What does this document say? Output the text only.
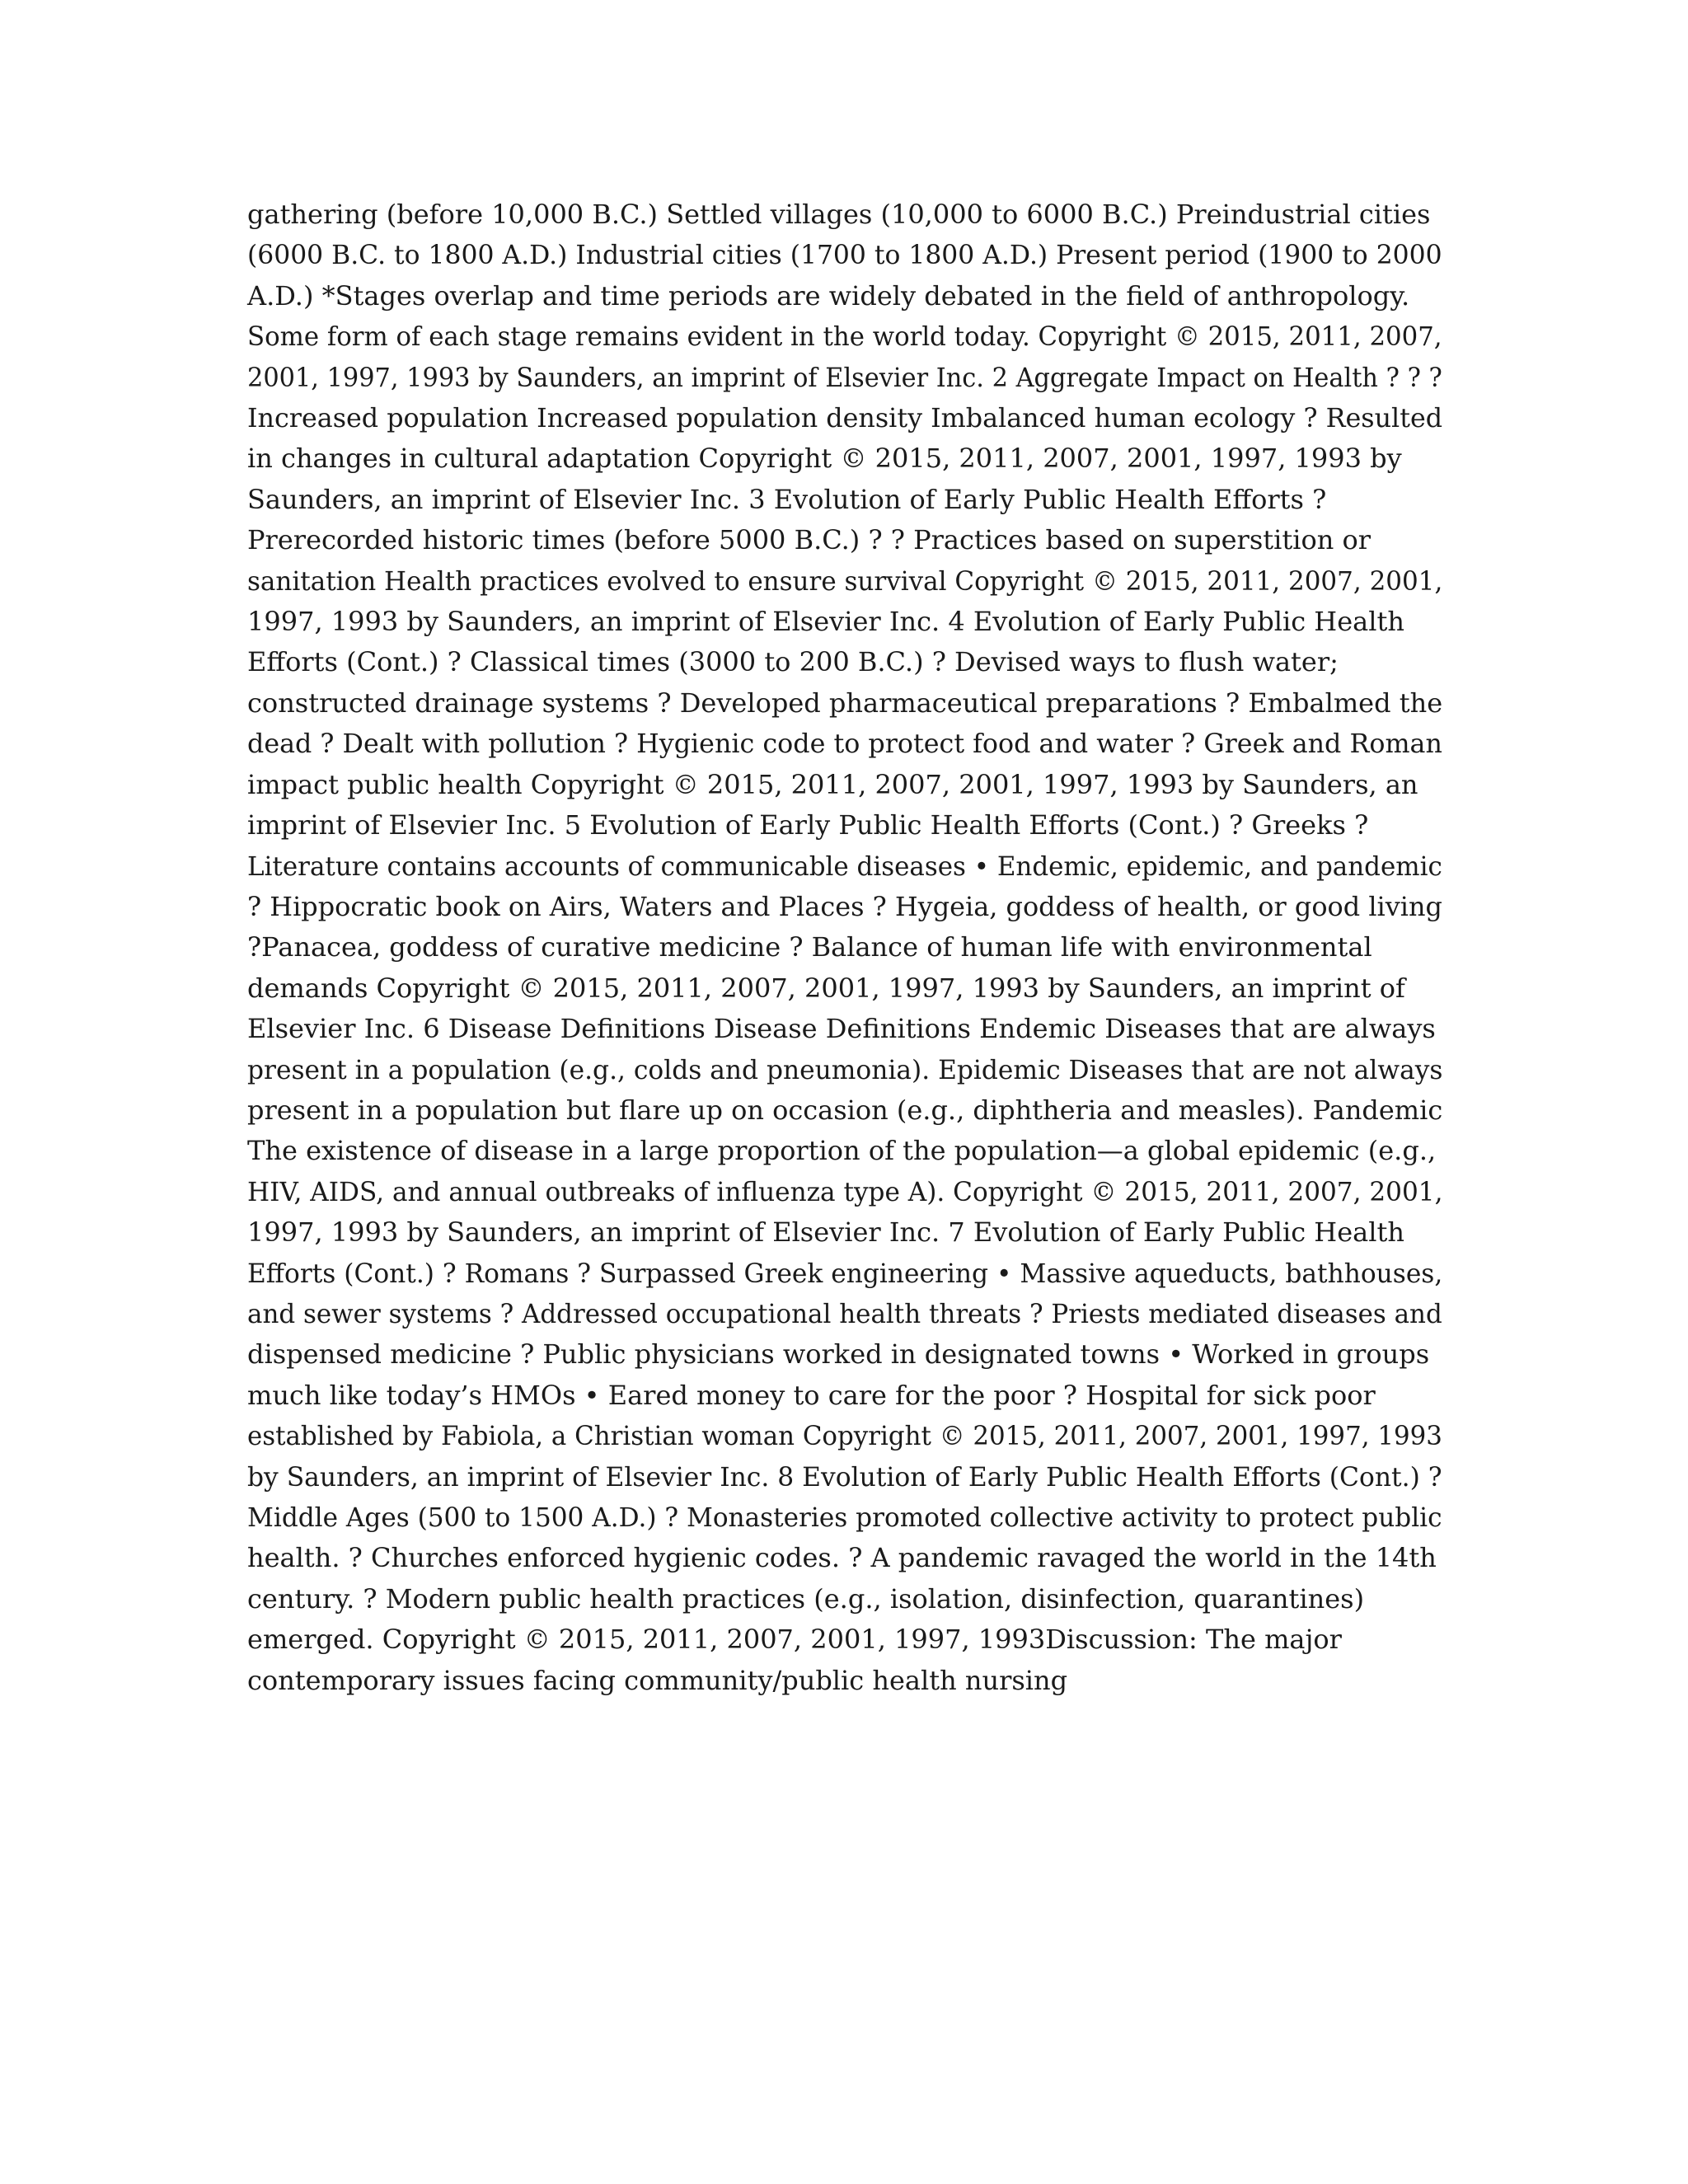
gathering (before 10,000 B.C.) Settled villages (10,000 to 6000 B.C.) Preindustrial cities
(6000 B.C. to 1800 A.D.) Industrial cities (1700 to 1800 A.D.) Present period (1900 to 2000
A.D.) *Stages overlap and time periods are widely debated in the field of anthropology.
Some form of each stage remains evident in the world today. Copyright © 2015, 2011, 2007,
2001, 1997, 1993 by Saunders, an imprint of Elsevier Inc. 2 Aggregate Impact on Health ? ? ?
Increased population Increased population density Imbalanced human ecology ? Resulted
in changes in cultural adaptation Copyright © 2015, 2011, 2007, 2001, 1997, 1993 by
Saunders, an imprint of Elsevier Inc. 3 Evolution of Early Public Health Efforts ?
Prerecorded historic times (before 5000 B.C.) ? ? Practices based on superstition or
sanitation Health practices evolved to ensure survival Copyright © 2015, 2011, 2007, 2001,
1997, 1993 by Saunders, an imprint of Elsevier Inc. 4 Evolution of Early Public Health
Efforts (Cont.) ? Classical times (3000 to 200 B.C.) ? Devised ways to flush water;
constructed drainage systems ? Developed pharmaceutical preparations ? Embalmed the
dead ? Dealt with pollution ? Hygienic code to protect food and water ? Greek and Roman
impact public health Copyright © 2015, 2011, 2007, 2001, 1997, 1993 by Saunders, an
imprint of Elsevier Inc. 5 Evolution of Early Public Health Efforts (Cont.) ? Greeks ?
Literature contains accounts of communicable diseases • Endemic, epidemic, and pandemic
? Hippocratic book on Airs, Waters and Places ? Hygeia, goddess of health, or good living
?Panacea, goddess of curative medicine ? Balance of human life with environmental
demands Copyright © 2015, 2011, 2007, 2001, 1997, 1993 by Saunders, an imprint of
Elsevier Inc. 6 Disease Definitions Disease Definitions Endemic Diseases that are always
present in a population (e.g., colds and pneumonia). Epidemic Diseases that are not always
present in a population but flare up on occasion (e.g., diphtheria and measles). Pandemic
The existence of disease in a large proportion of the population—a global epidemic (e.g.,
HIV, AIDS, and annual outbreaks of influenza type A). Copyright © 2015, 2011, 2007, 2001,
1997, 1993 by Saunders, an imprint of Elsevier Inc. 7 Evolution of Early Public Health
Efforts (Cont.) ? Romans ? Surpassed Greek engineering • Massive aqueducts, bathhouses,
and sewer systems ? Addressed occupational health threats ? Priests mediated diseases and
dispensed medicine ? Public physicians worked in designated towns • Worked in groups
much like today’s HMOs • Eared money to care for the poor ? Hospital for sick poor
established by Fabiola, a Christian woman Copyright © 2015, 2011, 2007, 2001, 1997, 1993
by Saunders, an imprint of Elsevier Inc. 8 Evolution of Early Public Health Efforts (Cont.) ?
Middle Ages (500 to 1500 A.D.) ? Monasteries promoted collective activity to protect public
health. ? Churches enforced hygienic codes. ? A pandemic ravaged the world in the 14th
century. ? Modern public health practices (e.g., isolation, disinfection, quarantines)
emerged. Copyright © 2015, 2011, 2007, 2001, 1997, 1993Discussion: The major
contemporary issues facing community/public health nursing
